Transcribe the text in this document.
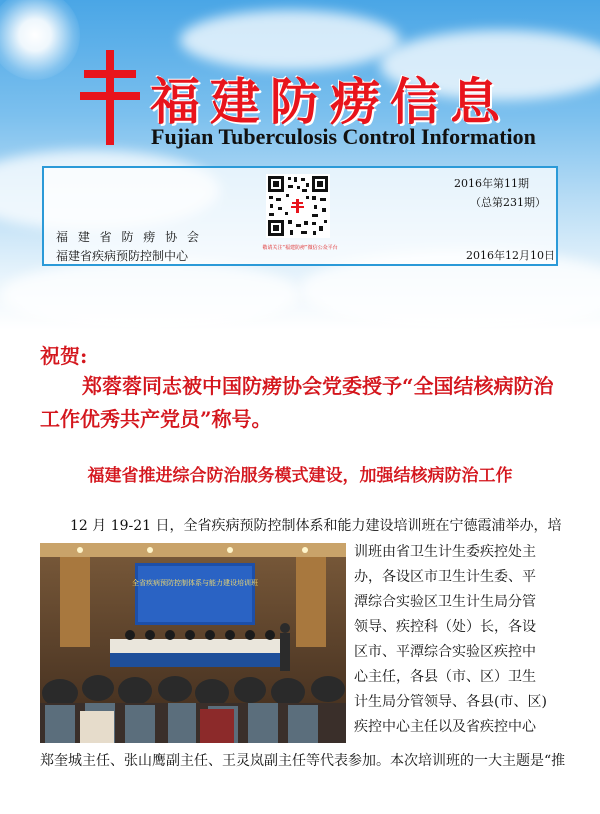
福建防痨信息
Fujian Tuberculosis Control Information
福 建 省 防 痨 协 会
福建省疾病预防控制中心
2016年第11期
（总第231期）
2016年12月10日
敬请关注“福建防痨”微信公众平台
祝贺:
郑蓉蓉同志被中国防痨协会党委授予“全国结核病防治工作优秀共产党员”称号。
福建省推进综合防治服务模式建设，加强结核病防治工作
12 月 19-21 日，全省疾病预防控制体系和能力建设培训班在宁德霞浦举办，培
全省疾病预防控制体系与能力建设培训班
训班由省卫生计生委疾控处主
办，各设区市卫生计生委、平
潭综合实验区卫生计生局分管
领导、疾控科（处）长，各设
区市、平潭综合实验区疾控中
心主任，各县（市、区）卫生
计生局分管领导、各县(市、区)
疾控中心主任以及省疾控中心
郑奎城主任、张山鹰副主任、王灵岚副主任等代表参加。本次培训班的一大主题是“推
